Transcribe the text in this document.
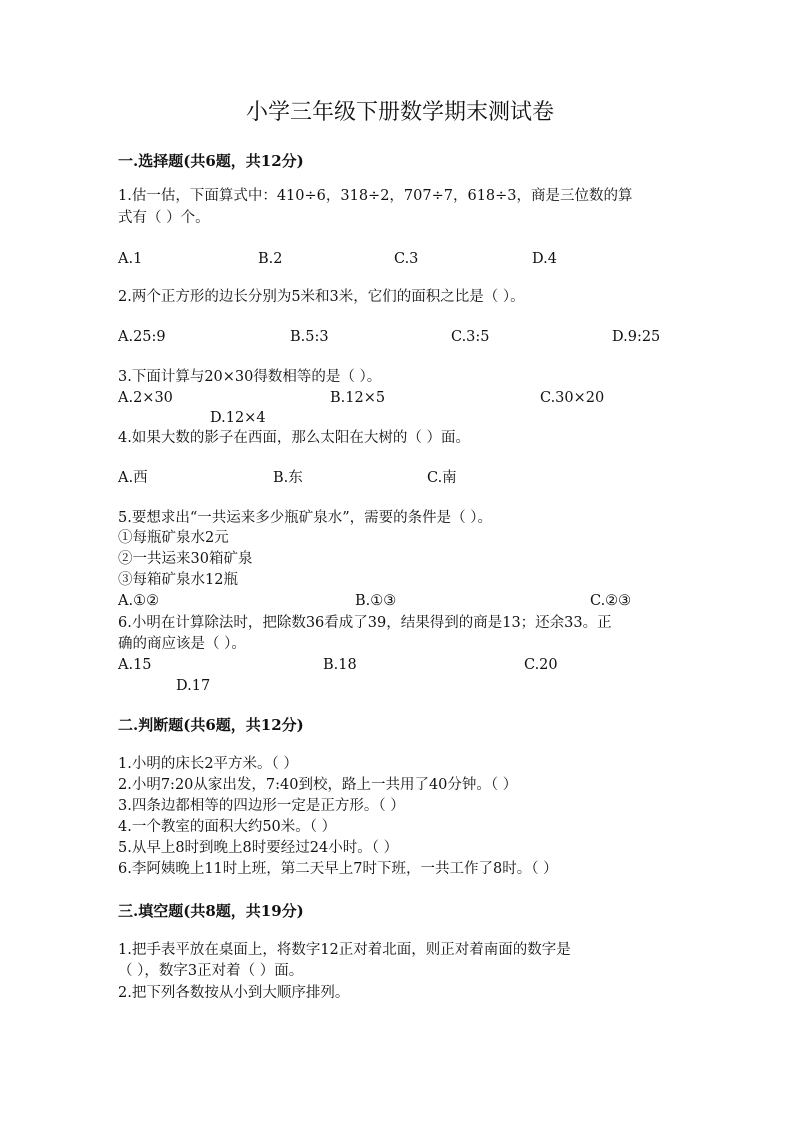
小学三年级下册数学期末测试卷
一.选择题(共6题，共12分)
1.估一估，下面算式中：410÷6，318÷2，707÷7，618÷3，商是三位数的算
式有（ ）个。
A.1	B.2	C.3	D.4
2.两个正方形的边长分别为5米和3米，它们的面积之比是（ ）。
A.25:9	B.5:3	C.3:5	D.9:25
3.下面计算与20×30得数相等的是（ ）。
A.2×30	B.12×5	C.30×20
D.12×4
4.如果大数的影子在西面，那么太阳在大树的（ ）面。
A.西	B.东	C.南
5.要想求出“一共运来多少瓶矿泉水”，需要的条件是（ ）。
①每瓶矿泉水2元
②一共运来30箱矿泉
③每箱矿泉水12瓶
A.①②	B.①③	C.②③
6.小明在计算除法时，把除数36看成了39，结果得到的商是13；还余33。正
确的商应该是（ ）。
A.15	B.18	C.20
D.17
二.判断题(共6题，共12分)
1.小明的床长2平方米。（ ）
2.小明7:20从家出发，7:40到校，路上一共用了40分钟。（ ）
3.四条边都相等的四边形一定是正方形。（ ）
4.一个教室的面积大约50米。（ ）
5.从早上8时到晚上8时要经过24小时。（ ）
6.李阿姨晚上11时上班，第二天早上7时下班，一共工作了8时。（ ）
三.填空题(共8题，共19分)
1.把手表平放在桌面上，将数字12正对着北面，则正对着南面的数字是
（ ），数字3正对着（ ）面。
2.把下列各数按从小到大顺序排列。
